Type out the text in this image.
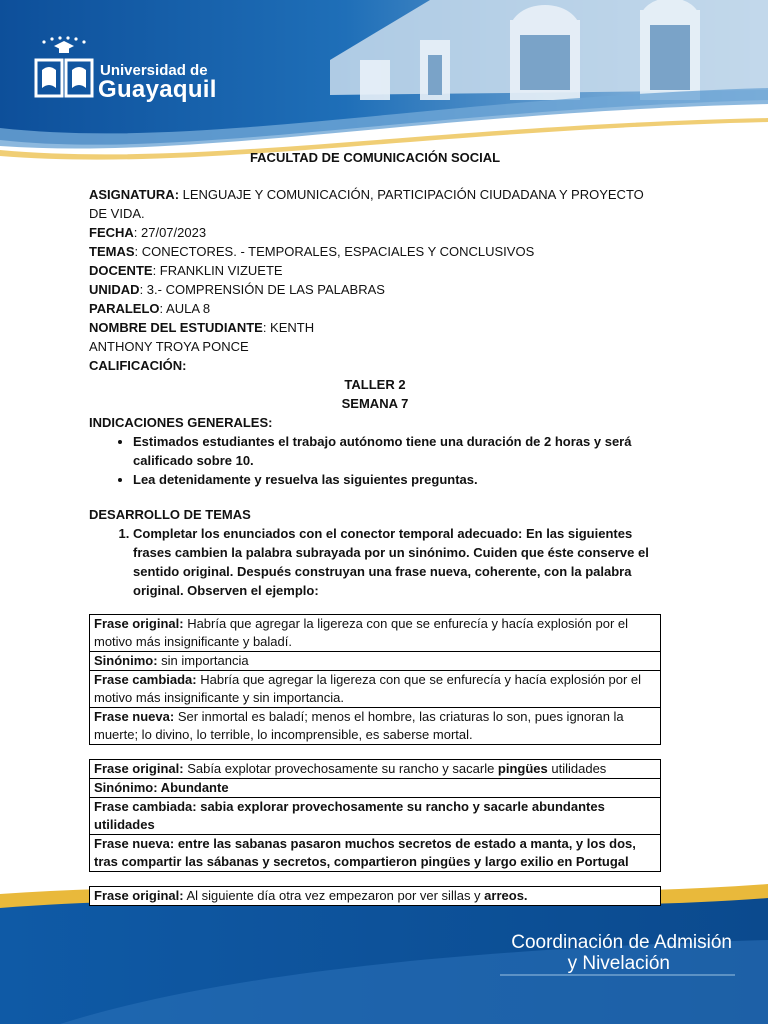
Universidad de
Guayaquil
Coordinación de Admisión
y Nivelación
FACULTAD DE COMUNICACIÓN SOCIAL

ASIGNATURA: LENGUAJE Y COMUNICACIÓN, PARTICIPACIÓN CIUDADANA Y PROYECTO DE VIDA.

FECHA: 27/07/2023

TEMAS: CONECTORES. - TEMPORALES, ESPACIALES Y CONCLUSIVOS

DOCENTE: FRANKLIN VIZUETE

UNIDAD: 3.- COMPRENSIÓN DE LAS PALABRAS

PARALELO: AULA 8

NOMBRE DEL ESTUDIANTE: KENTH ANTHONY TROYA PONCE

CALIFICACIÓN:

TALLER 2
SEMANA 7
INDICACIONES GENERALES:
• Estimados estudiantes el trabajo autónomo tiene una duración de 2 horas y será calificado sobre 10.
• Lea detenidamente y resuelva las siguientes preguntas.
DESARROLLO DE TEMAS
1. Completar los enunciados con el conector temporal adecuado: En las siguientes frases cambien la palabra subrayada por un sinónimo. Cuiden que éste conserve el sentido original. Después construyan una frase nueva, coherente, con la palabra original. Observen el ejemplo:
Frase original: Habría que agregar la ligereza con que se enfurecía y hacía explosión por el motivo más insignificante y baladí.
Sinónimo: sin importancia
Frase cambiada: Habría que agregar la ligereza con que se enfurecía y hacía explosión por el motivo más insignificante y sin importancia.
Frase nueva: Ser inmortal es baladí; menos el hombre, las criaturas lo son, pues ignoran la muerte; lo divino, lo terrible, lo incomprensible, es saberse mortal.
Frase original: Sabía explotar provechosamente su rancho y sacarle pingües utilidades
Sinónimo: Abundante
Frase cambiada: sabia explorar provechosamente su rancho y sacarle abundantes utilidades
Frase nueva: entre las sabanas pasaron muchos secretos de estado a manta, y los dos, tras compartir las sábanas y secretos, compartieron pingües y largo exilio en Portugal
Frase original: Al siguiente día otra vez empezaron por ver sillas y arreos.
